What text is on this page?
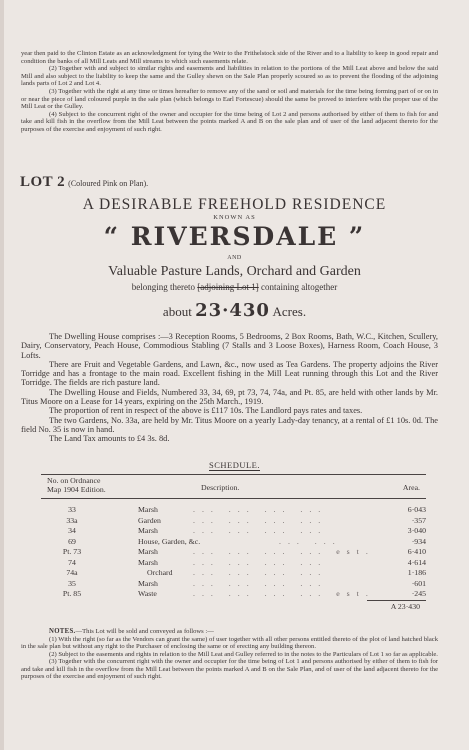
year then paid to the Clinton Estate as an acknowledgment for tying the Weir to the Frithelstock side of the River and to a liability to keep in good repair and condition the banks of all Mill Leats and Mill streams to which such easements relate.

(2) Together with and subject to similar rights and easements and liabilities in relation to the portions of the Mill Leat above and below the said Mill and also subject to the liability to keep the same and the Gulley shewn on the Sale Plan properly scoured so as to prevent the flooding of the adjoining lands parts of Lot 2 and Lot 4.

(3) Together with the right at any time or times hereafter to remove any of the sand or soil and materials for the time being forming part of or on in or near the piece of land coloured purple in the sale plan (which belongs to Earl Fortescue) should the same be proved to interfere with the proper use of the Mill Leat or the Gulley.

(4) Subject to the concurrent right of the owner and occupier for the time being of Lot 2 and persons authorised by either of them to fish for and take and kill fish in the overflow from the Mill Leat between the points marked A and B on the sale plan and of user of the land adjacent thereto for the purposes of the exercise and enjoyment of such right.

LOT 2 (Coloured Pink on Plan).
A DESIRABLE FREEHOLD RESIDENCE
KNOWN AS
“ RIVERSDALE ”
AND
Valuable Pasture Lands, Orchard and Garden
belonging thereto [adjoining Lot 1] containing altogether
about 23·430 Acres.

The Dwelling House comprises :—3 Reception Rooms, 5 Bedrooms, 2 Box Rooms, Bath, W.C., Kitchen, Scullery, Dairy, Conservatory, Peach House, Commodious Stabling (7 Stalls and 3 Loose Boxes), Harness Room, Coach House, 3 Lofts.

There are Fruit and Vegetable Gardens, and Lawn, &c., now used as Tea Gardens. The property adjoins the River Torridge and has a frontage to the main road. Excellent fishing in the Mill Leat running through this Lot and the River Torridge. The fields are rich pasture land.

The Dwelling House and Fields, Numbered 33, 34, 69, pt 73, 74, 74a, and Pt. 85, are held with other lands by Mr. Titus Moore on a Lease for 14 years, expiring on the 25th March., 1919.

The proportion of rent in respect of the above is £117 10s. The Landlord pays rates and taxes.

The two Gardens, No. 33a, are held by Mr. Titus Moore on a yearly Lady-day tenancy, at a rental of £1 10s. 0d. The field No. 35 is now in hand.

The Land Tax amounts to £4 3s. 8d.

SCHEDULE.
No. on Ordnance
Map 1904 Edition.	Description.	Area.
33	Marsh	... ... ... ...	6·043
33a	Garden	... ... ... ...	·357
34	Marsh	... ... ... ...	3·040
69	House, Garden, &c.	... ...	·934
Pt. 73	Marsh	... ... ... ... est.	6·410
74	Marsh	... ... ... ...	4·614
74a	Orchard	... ... ... ...	1·186
35	Marsh	... ... ... ...	·601
Pt. 85	Waste	... ... ... ... est.	·245
A 23·430

NOTES.—This Lot will be sold and conveyed as follows :—

(1) With the right (so far as the Vendors can grant the same) of user together with all other persons entitled thereto of the plot of land hatched black in the sale plan but without any right to the Purchaser of enclosing the same or of erecting any building thereon.

(2) Subject to the easements and rights in relation to the Mill Leat and Gulley referred to in the notes to the Particulars of Lot 1 so far as applicable.

(3) Together with the concurrent right with the owner and occupier for the time being of Lot 1 and persons authorised by either of them to fish for and take and kill fish in the overflow from the Mill Leat between the points marked A and B on the Sale Plan, and of user of the land adjacent thereto for the purposes of the exercise and enjoyment of such right.
